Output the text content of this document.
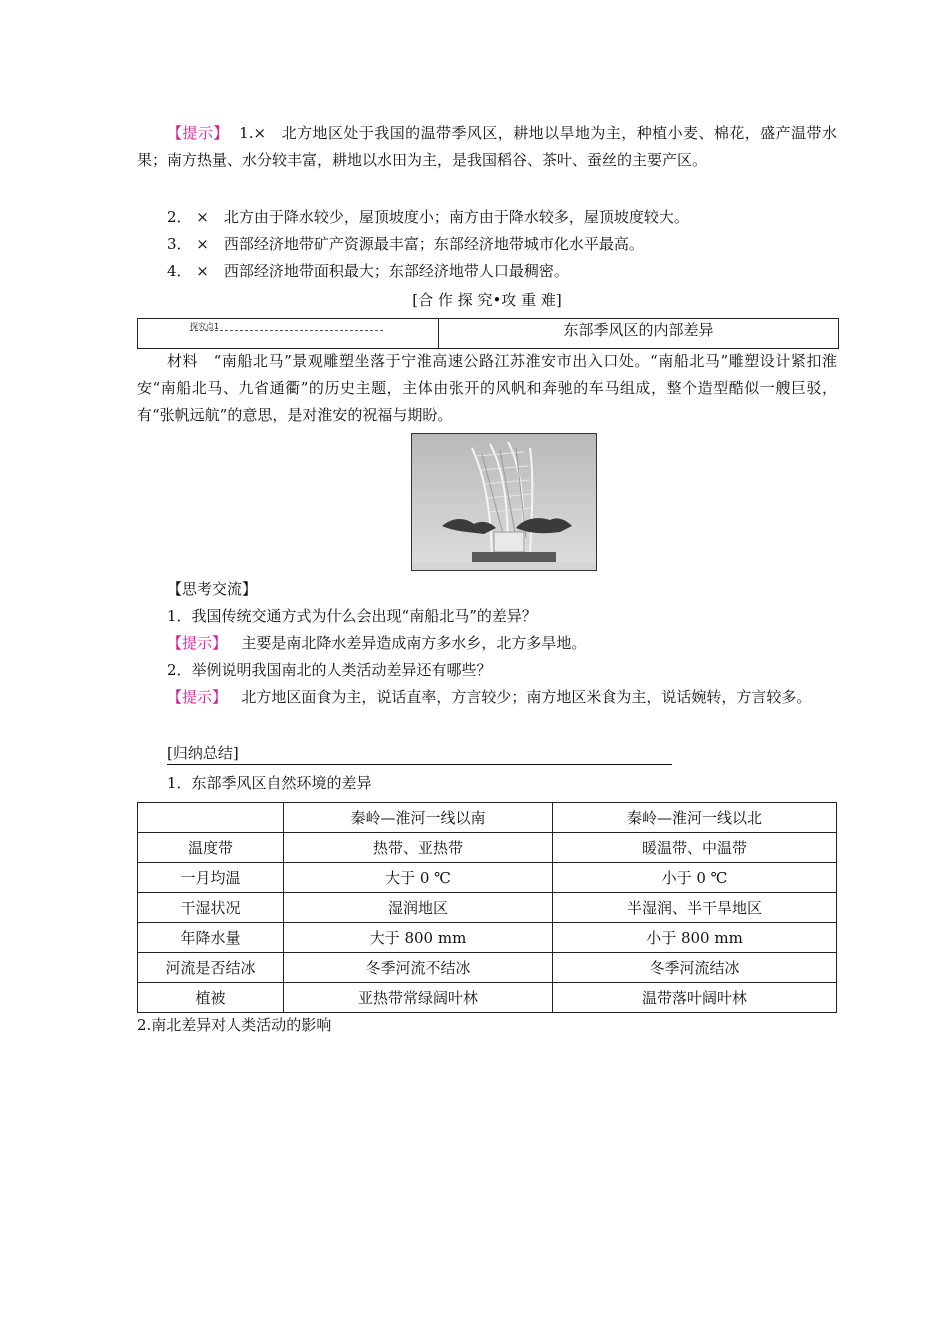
【提示】 1.× 北方地区处于我国的温带季风区，耕地以旱地为主，种植小麦、棉花，盛产温带水果；南方热量、水分较丰富，耕地以水田为主，是我国稻谷、茶叶、蚕丝的主要产区。
2． ×　北方由于降水较少，屋顶坡度小；南方由于降水较多，屋顶坡度较大。
3． ×　西部经济地带矿产资源最丰富；东部经济地带城市化水平最高。
4． ×　西部经济地带面积最大；东部经济地带人口最稠密。
[合 作 探 究•攻 重 难]
探究点1	东部季风区的内部差异
材料　“南船北马”景观雕塑坐落于宁淮高速公路江苏淮安市出入口处。“南船北马”雕塑设计紧扣淮安“南船北马、九省通衢”的历史主题，主体由张开的风帆和奔驰的车马组成，整个造型酷似一艘巨驳，有“张帆远航”的意思，是对淮安的祝福与期盼。
【思考交流】
1．我国传统交通方式为什么会出现“南船北马”的差异？
【提示】 主要是南北降水差异造成南方多水乡，北方多旱地。
2．举例说明我国南北的人类活动差异还有哪些？
【提示】 北方地区面食为主，说话直率，方言较少；南方地区米食为主，说话婉转，方言较多。
[归纳总结]
1．东部季风区自然环境的差异
	秦岭—淮河一线以南	秦岭—淮河一线以北
温度带	热带、亚热带	暖温带、中温带
一月均温	大于 0 ℃	小于 0 ℃
干湿状况	湿润地区	半湿润、半干旱地区
年降水量	大于 800 mm	小于 800 mm
河流是否结冰	冬季河流不结冰	冬季河流结冰
植被	亚热带常绿阔叶林	温带落叶阔叶林
2.南北差异对人类活动的影响
